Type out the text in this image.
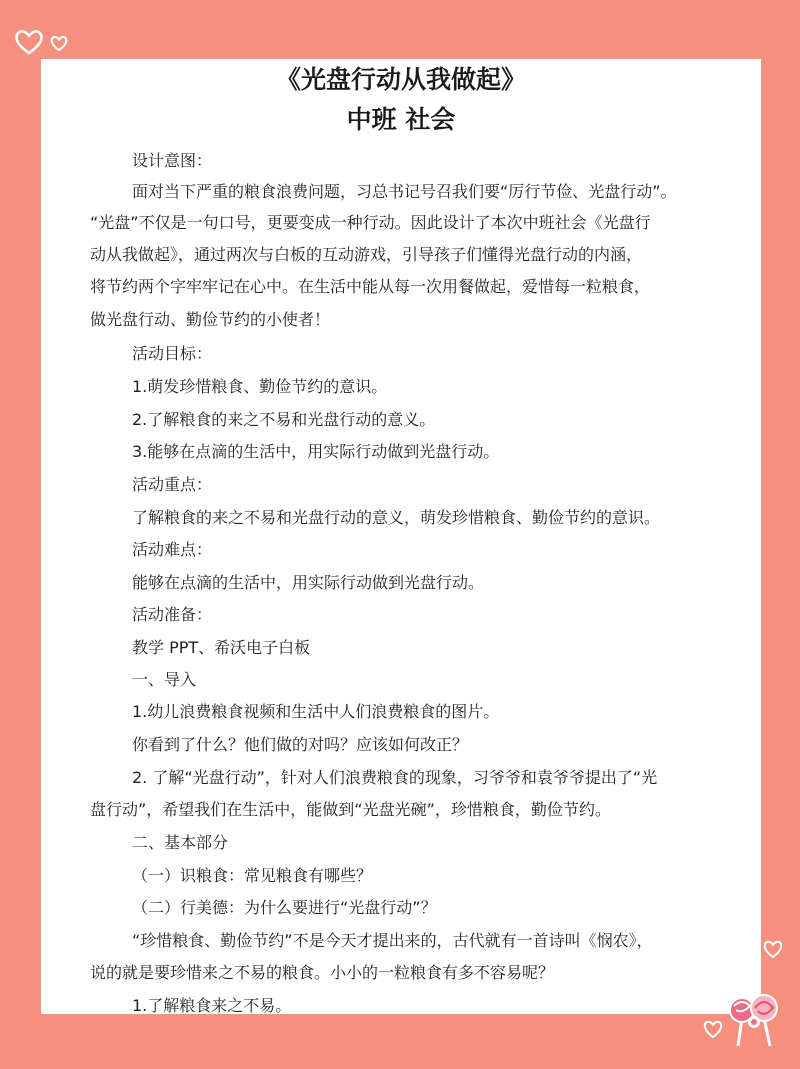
《光盘行动从我做起》
中班 社会
设计意图：
面对当下严重的粮食浪费问题，习总书记号召我们要“厉行节俭、光盘行动”。
“光盘”不仅是一句口号，更要变成一种行动。因此设计了本次中班社会《光盘行
动从我做起》，通过两次与白板的互动游戏，引导孩子们懂得光盘行动的内涵，
将节约两个字牢牢记在心中。在生活中能从每一次用餐做起，爱惜每一粒粮食，
做光盘行动、勤俭节约的小使者！
活动目标：
1.萌发珍惜粮食、勤俭节约的意识。
2.了解粮食的来之不易和光盘行动的意义。
3.能够在点滴的生活中，用实际行动做到光盘行动。
活动重点：
了解粮食的来之不易和光盘行动的意义，萌发珍惜粮食、勤俭节约的意识。
活动难点：
能够在点滴的生活中，用实际行动做到光盘行动。
活动准备：
教学 PPT、希沃电子白板
一、导入
1.幼儿浪费粮食视频和生活中人们浪费粮食的图片。
你看到了什么？他们做的对吗？应该如何改正？
2. 了解“光盘行动”，针对人们浪费粮食的现象，习爷爷和袁爷爷提出了“光
盘行动”，希望我们在生活中，能做到“光盘光碗”，珍惜粮食，勤俭节约。
二、基本部分
（一）识粮食：常见粮食有哪些？
（二）行美德：为什么要进行“光盘行动”？
“珍惜粮食、勤俭节约”不是今天才提出来的，古代就有一首诗叫《悯农》，
说的就是要珍惜来之不易的粮食。小小的一粒粮食有多不容易呢？
1.了解粮食来之不易。
